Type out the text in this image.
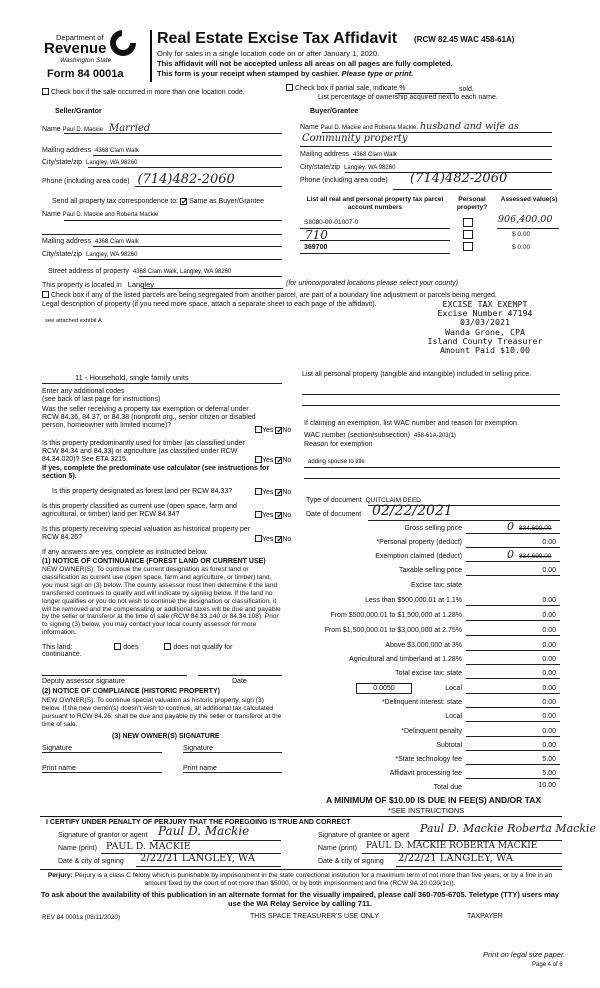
Department of
Revenue
Washington State
Form 84 0001a
Real Estate Excise Tax Affidavit (RCW 82.45 WAC 458-61A)
Only for sales in a single location code on or after January 1, 2020.
This affidavit will not be accepted unless all areas on all pages are fully completed.
This form is your receipt when stamped by cashier. Please type or print.
Check box if the sale occurred in more than one location code.
Check box if partial sale, indicate %	sold.
List percentage of ownership acquired next to each name.
Seller/Grantor
Name Paul D. Mackie Married
Mailing address 4368 Clam Walk
City/state/zip Langley, WA 98260
Phone (including area code) (714)482-2060
Buyer/Grantee
Name Paul D. Mackie and Roberta Mackie, husband and wife as
Community property
Mailing address 4368 Clam Walk
City/state/zip Langley, WA 98260
Phone (including area code) (714)482-2060
Send all property tax correspondence to: ✓ Same as Buyer/Grantee
Name Paul D. Mackie and Roberta Mackie
Mailing address 4368 Clam Walk
City/state/zip Langley, WA 98260
List all real and personal property tax parcel account numbers
Personal property?
Assessed value(s)
S8080-00-01007-0	906,400.00
710	$ 0.00
369700	$ 0.00
Street address of property 4368 Clam Walk, Langley, WA 98260
This property is located in Langley	(for unincorporated locations please select your county)
Check box if any of the listed parcels are being segregated from another parcel, are part of a boundary line adjustment or parcels being merged.
Legal description of property (if you need more space, attach a separate sheet to each page of the affidavit).
see attached exhibit A
EXCISE TAX EXEMPT
Excise Number 47194
03/03/2021
Wanda Grone, CPA
Island County Treasurer
Amount Paid $10.00
11 - Household, single family units	List all personal property (tangible and intangible) included in selling price.
Enter any additional codes
(see back of last page for instructions)
Was the seller receiving a property tax exemption or deferral under RCW 84.36, 84.37, or 84.38 (nonprofit org., senior citizen or disabled person, homeowner with limited income)?
Yes ✓ No
Is this property predominantly used for timber (as classified under RCW 84.34 and 84.33) or agriculture (as classified under RCW 84.34.020)? See ETA 3215.	Yes ✓ No
If yes, complete the predominate use calculator (see instructions for section 5).
Is this property designated as forest land per RCW 84.33?	Yes ✓ No
Is this property classified as current use (open space, farm and agricultural, or timber) land per RCW 84.34?	Yes ✓ No
Is this property receiving special valuation as historical property per RCW 84.26?	Yes ✓ No
If any answers are yes, complete as instructed below.
(1) NOTICE OF CONTINUANCE (FOREST LAND OR CURRENT USE)
NEW OWNER(S): To continue the current designation as forest land or classification as current use (open space, farm and agriculture, or timber) land, you must sign on (3) below. The county assessor must then determine if the land transferred continues to qualify and will indicate by signing below. If the land no longer qualifies or you do not wish to continue the designation or classification, it will be removed and the compensating or additional taxes will be due and payable by the seller or transferor at the time of sale (RCW 84.33.140 or 84.34.108). Prior to signing (3) below, you may contact your local county assessor for more information.
This land:	does	does not qualify for
continuance.
Deputy assessor signature	Date
(2) NOTICE OF COMPLIANCE (HISTORIC PROPERTY)
NEW OWNER(S): To continue special valuation as historic property, sign (3) below. If the new owner(s) doesn't wish to continue, all additional tax calculated pursuant to RCW 84.26, shall be due and payable by the seller or transferor at the time of sale.
(3) NEW OWNER(S) SIGNATURE
Signature	Signature
Print name	Print name
If claiming an exemption, list WAC number and reason for exemption.
WAC number (section/subsection) 458-61A-203(1)
Reason for exemption
adding spouse to title
Type of document QUITCLAIM DEED
Date of document 02/22/2021
Gross selling price	0 834,699.00
*Personal property (deduct)	0.00
Exemption claimed (deduct)	0 834,699.00
Taxable selling price	0.00
Excise tax: state
Less than $500,000.01 at 1.1%	0.00
From $500,000.01 to $1,500,000 at 1.28%	0.00
From $1,500,000.01 to $3,000,000 at 2.75%	0.00
Above $3,000,000 at 3%	0.00
Agricultural and timberland at 1.28%	0.00
Total excise tax: state	0.00
0.0050	Local	0.00
*Delinquent interest: state	0.00
Local	0.00
*Delinquent penalty	0.00
Subtotal	0.00
*State technology fee	5.00
Affidavit processing fee	5.00
Total due	10.00
A MINIMUM OF $10.00 IS DUE IN FEE(S) AND/OR TAX
*SEE INSTRUCTIONS
I CERTIFY UNDER PENALTY OF PERJURY THAT THE FOREGOING IS TRUE AND CORRECT
Signature of grantor or agent Paul D. Mackie
Name (print) PAUL D. MACKIE
Date & city of signing 2/22/21 LANGLEY, WA
Signature of grantee or agent
Paul D. Mackie Roberta Mackie
Name (print) PAUL D. MACKIE ROBERTA MACKIE
Date & city of signing 2/22/21 LANGLEY, WA
Perjury: Perjury is a class C felony which is punishable by imprisonment in the state correctional institution for a maximum term of not more than five years, or by a fine in an amount fixed by the court of not more than $5000, or by both imprisonment and fine (RCW 9A.20.020(1c)).
To ask about the availability of this publication in an alternate format for the visually impaired, please call 360-705-6705. Teletype (TTY) users may use the WA Relay Service by calling 711.
REV 84 0001a (08/11/2020)	THIS SPACE TREASURER'S USE ONLY	TAXPAYER
Print on legal size paper.
Page 4 of 6
